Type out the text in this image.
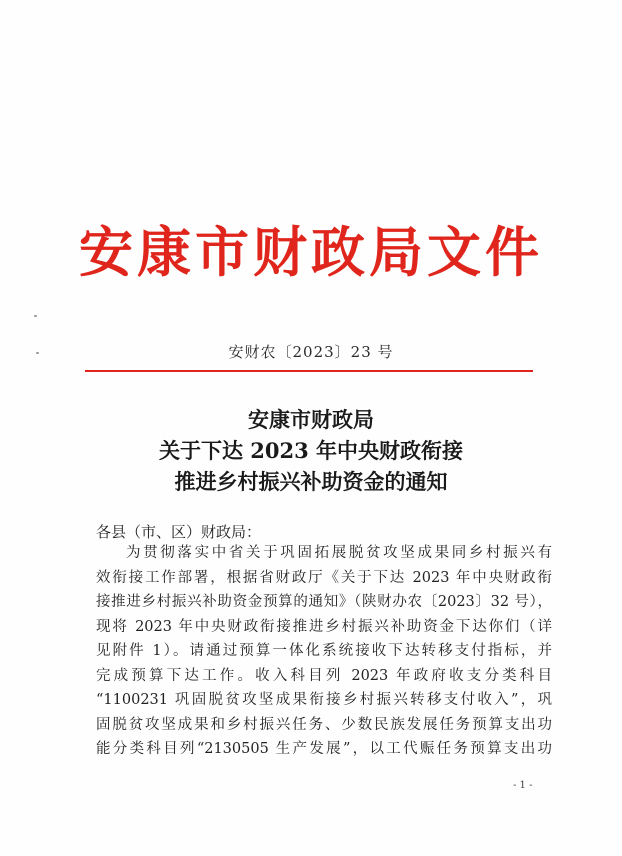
安康市财政局文件
安财农〔2023〕23 号
安康市财政局
关于下达 2023 年中央财政衔接
推进乡村振兴补助资金的通知
各县（市、区）财政局：
为贯彻落实中省关于巩固拓展脱贫攻坚成果同乡村振兴有
效衔接工作部署，根据省财政厅《关于下达 2023 年中央财政衔
接推进乡村振兴补助资金预算的通知》（陕财办农〔2023〕32 号），
现将 2023 年中央财政衔接推进乡村振兴补助资金下达你们（详
见附件 1）。请通过预算一体化系统接收下达转移支付指标，并
完成预算下达工作。收入科目列 2023 年政府收支分类科目
“1100231 巩固脱贫攻坚成果衔接乡村振兴转移支付收入”，巩
固脱贫攻坚成果和乡村振兴任务、少数民族发展任务预算支出功
能分类科目列“2130505 生产发展”，以工代赈任务预算支出功
- 1 -
